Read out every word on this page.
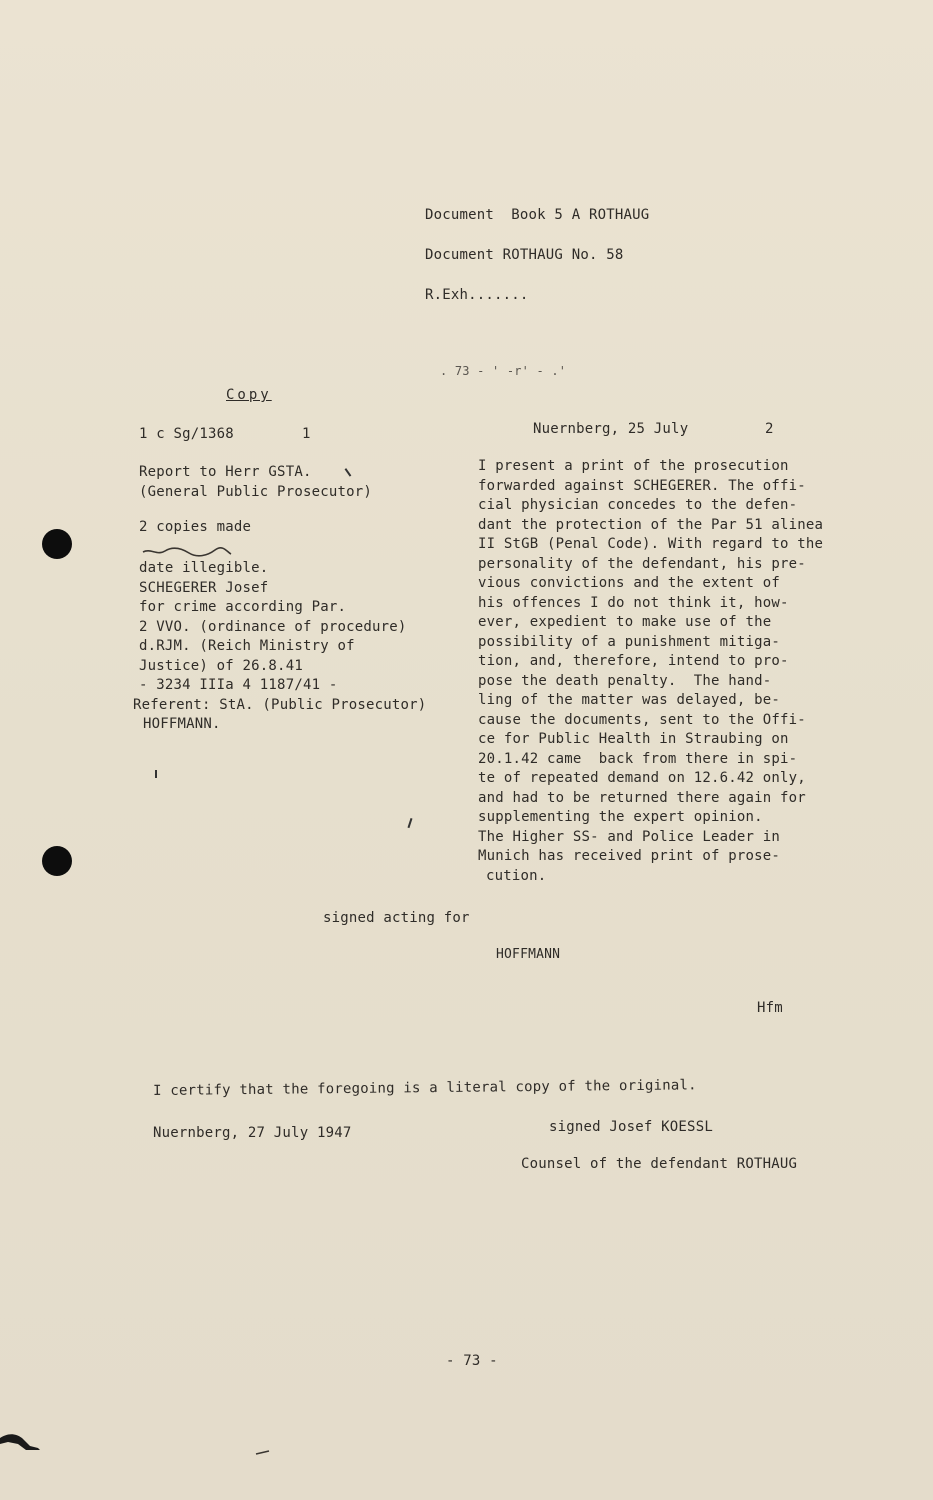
Document  Book 5 A ROTHAUG
Document ROTHAUG No. 58
R.Exh.......
. 73 - ' -r' - .'
Copy
1 c Sg/1368	1
Report to Herr GSTA.
(General Public Prosecutor)
2 copies made
date illegible.
SCHEGERER Josef
for crime according Par.
2 VVO. (ordinance of procedure)
d.RJM. (Reich Ministry of
Justice) of 26.8.41
- 3234 IIIa 4 1187/41 -
Referent: StA. (Public Prosecutor)
HOFFMANN.
Nuernberg, 25 July	2
I present a print of the prosecution
forwarded against SCHEGERER. The offi-
cial physician concedes to the defen-
dant the protection of the Par 51 alinea
II StGB (Penal Code). With regard to the
personality of the defendant, his pre-
vious convictions and the extent of
his offences I do not think it, how-
ever, expedient to make use of the
possibility of a punishment mitiga-
tion, and, therefore, intend to pro-
pose the death penalty.  The hand-
ling of the matter was delayed, be-
cause the documents, sent to the Offi-
ce for Public Health in Straubing on
20.1.42 came  back from there in spi-
te of repeated demand on 12.6.42 only,
and had to be returned there again for
supplementing the expert opinion.
The Higher SS- and Police Leader in
Munich has received print of prose-
cution.
signed acting for
HOFFMANN
Hfm
I certify that the foregoing is a literal copy of the original.
Nuernberg, 27 July 1947	signed Josef KOESSL
Counsel of the defendant ROTHAUG
- 73 -
